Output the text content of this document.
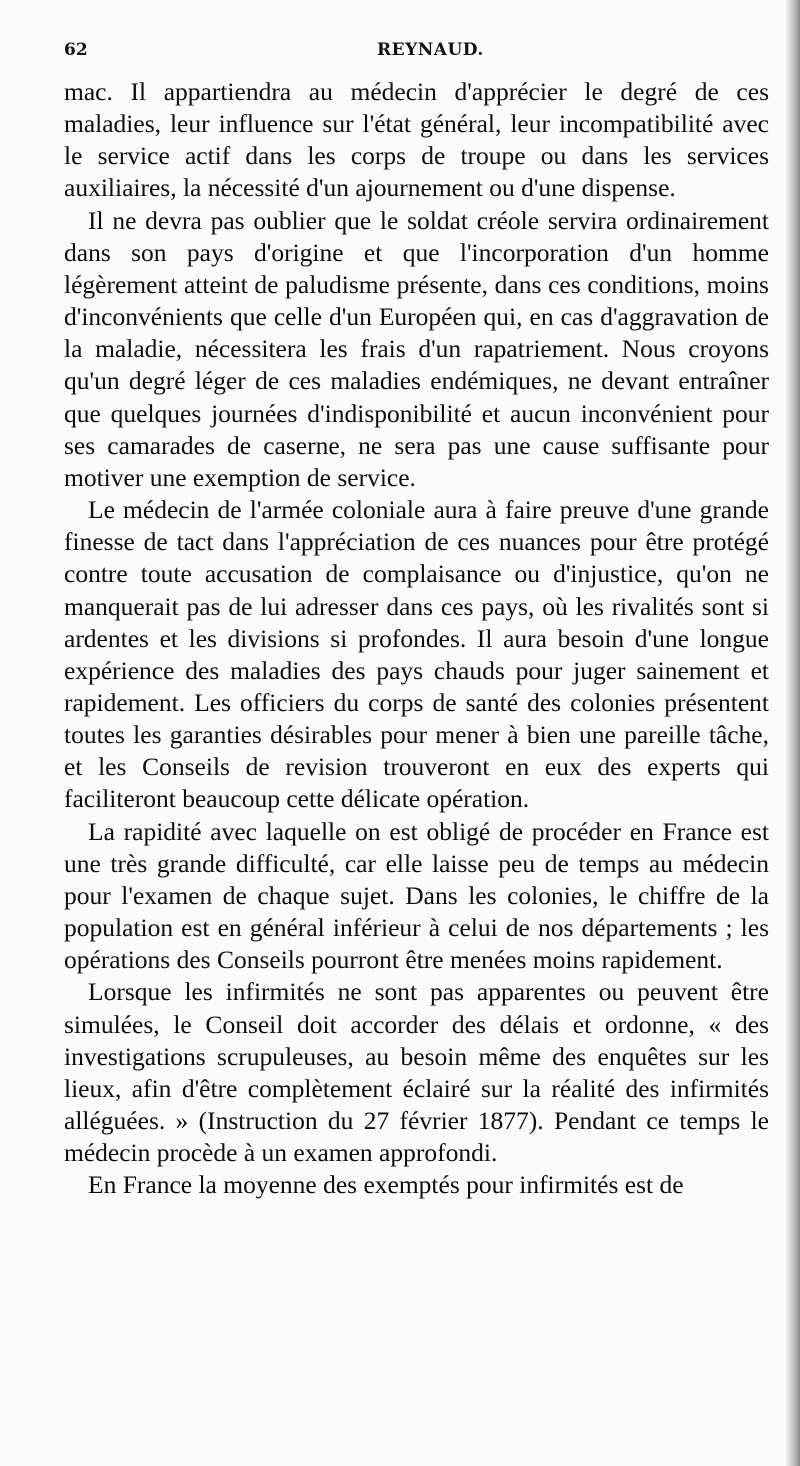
62	REYNAUD.

mac. Il appartiendra au médecin d'apprécier le degré de ces maladies, leur influence sur l'état général, leur incompatibilité avec le service actif dans les corps de troupe ou dans les services auxiliaires, la nécessité d'un ajournement ou d'une dispense.

Il ne devra pas oublier que le soldat créole servira ordinairement dans son pays d'origine et que l'incorporation d'un homme légèrement atteint de paludisme présente, dans ces conditions, moins d'inconvénients que celle d'un Européen qui, en cas d'aggravation de la maladie, nécessitera les frais d'un rapatriement. Nous croyons qu'un degré léger de ces maladies endémiques, ne devant entraîner que quelques journées d'indisponibilité et aucun inconvénient pour ses camarades de caserne, ne sera pas une cause suffisante pour motiver une exemption de service.

Le médecin de l'armée coloniale aura à faire preuve d'une grande finesse de tact dans l'appréciation de ces nuances pour être protégé contre toute accusation de complaisance ou d'injustice, qu'on ne manquerait pas de lui adresser dans ces pays, où les rivalités sont si ardentes et les divisions si profondes. Il aura besoin d'une longue expérience des maladies des pays chauds pour juger sainement et rapidement. Les officiers du corps de santé des colonies présentent toutes les garanties désirables pour mener à bien une pareille tâche, et les Conseils de revision trouveront en eux des experts qui faciliteront beaucoup cette délicate opération.

La rapidité avec laquelle on est obligé de procéder en France est une très grande difficulté, car elle laisse peu de temps au médecin pour l'examen de chaque sujet. Dans les colonies, le chiffre de la population est en général inférieur à celui de nos départements ; les opérations des Conseils pourront être menées moins rapidement.

Lorsque les infirmités ne sont pas apparentes ou peuvent être simulées, le Conseil doit accorder des délais et ordonne, « des investigations scrupuleuses, au besoin même des enquêtes sur les lieux, afin d'être complètement éclairé sur la réalité des infirmités alléguées. » (Instruction du 27 février 1877). Pendant ce temps le médecin procède à un examen approfondi.

En France la moyenne des exemptés pour infirmités est de
